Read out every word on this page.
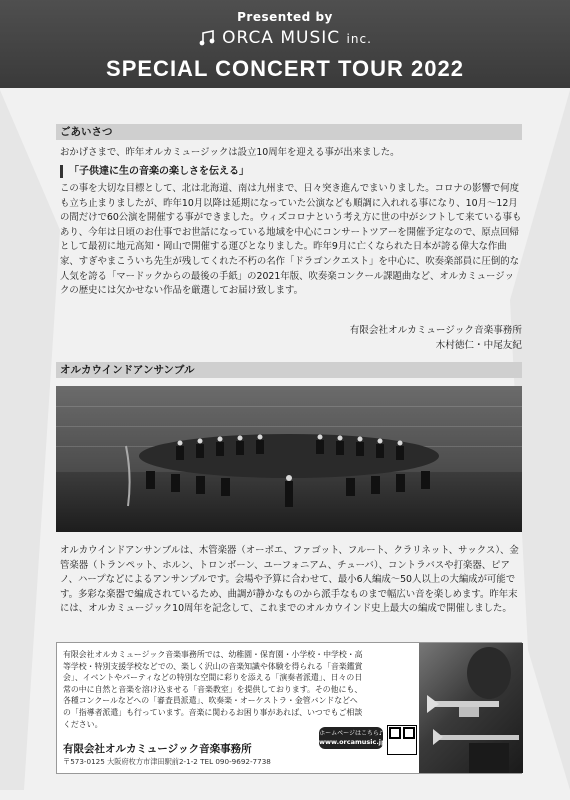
Presented by
ORCA MUSIC inc.
SPECIAL CONCERT TOUR 2022
ごあいさつ
おかげさまで、昨年オルカミュージックは設立10周年を迎える事が出来ました。
「子供達に生の音楽の楽しさを伝える」
この事を大切な目標として、北は北海道、南は九州まで、日々突き進んでまいりました。コロナの影響で何度も立ち止まりましたが、昨年10月以降は延期になっていた公演なども順調に入れれる事になり、10月～12月の間だけで60公演を開催する事ができました。ウィズコロナという考え方に世の中がシフトして来ている事もあり、今年は日頃のお仕事でお世話になっている地域を中心にコンサートツアーを開催予定なので、原点回帰として最初に地元高知・岡山で開催する運びとなりました。昨年9月に亡くなられた日本が誇る偉大な作曲家、すぎやまこういち先生が残してくれた不朽の名作「ドラゴンクエスト」を中心に、吹奏楽部員に圧倒的な人気を誇る「マードックからの最後の手紙」の2021年版、吹奏楽コンクール課題曲など、オルカミュージックの歴史には欠かせない作品を厳選してお届け致します。
有限会社オルカミュージック音楽事務所
木村徳仁・中尾友紀
オルカウインドアンサンブル
オルカウインドアンサンブルは、木管楽器（オーボエ、ファゴット、フルート、クラリネット、サックス）、金管楽器（トランペット、ホルン、トロンボーン、ユーフォニアム、チューバ）、コントラバスや打楽器、ピアノ、ハープなどによるアンサンブルです。会場や予算に合わせて、最小6人編成～50人以上の大編成が可能です。多彩な楽器で編成されているため、曲調が静かなものから派手なものまで幅広い音を楽しめます。昨年末には、オルカミュージック10周年を記念して、これまでのオルカウインド史上最大の編成で開催しました。
有限会社オルカミュージック音楽事務所では、幼稚園・保育園・小学校・中学校・高等学校・特別支援学校などでの、楽しく沢山の音楽知識や体験を得られる「音楽鑑賞会」、イベントやパーティなどの特別な空間に彩りを添える「演奏者派遣」、日々の日常の中に自然と音楽を溶け込ませる「音楽教室」を提供しております。その他にも、各種コンクールなどへの「審査員派遣」、吹奏楽・オーケストラ・金管バンドなどへの「指導者派遣」も行っています。音楽に関わるお困り事があれば、いつでもご相談ください。
有限会社オルカミュージック音楽事務所
〒573-0125 大阪府枚方市津田駅前2-1-2 TEL 090-9692-7738
ホームページはこちら♪
www.orcamusic.jp
